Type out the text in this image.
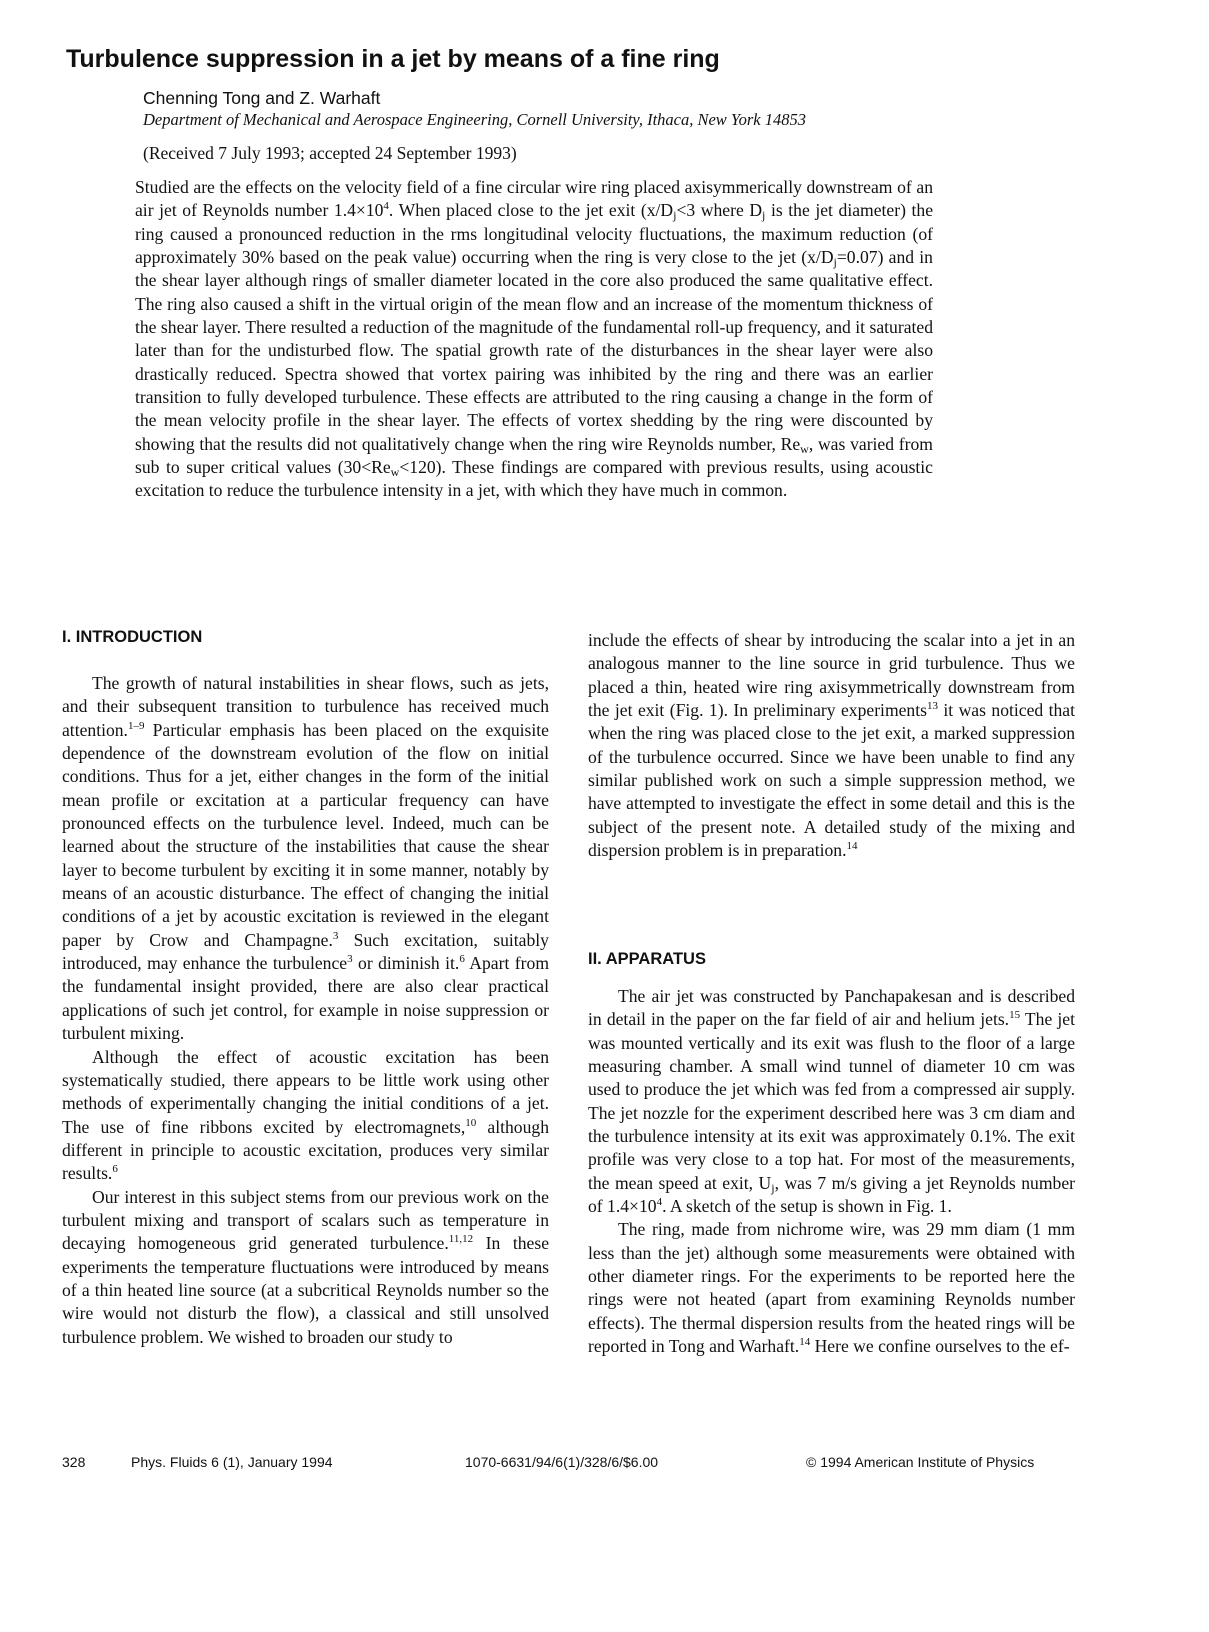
Turbulence suppression in a jet by means of a fine ring
Chenning Tong and Z. Warhaft
Department of Mechanical and Aerospace Engineering, Cornell University, Ithaca, New York 14853
(Received 7 July 1993; accepted 24 September 1993)

Studied are the effects on the velocity field of a fine circular wire ring placed axisymmerically downstream of an air jet of Reynolds number $1.4\times 10^4$. When placed close to the jet exit ($x/D_j<3$ where $D_j$ is the jet diameter) the ring caused a pronounced reduction in the rms longitudinal velocity fluctuations, the maximum reduction (of approximately 30% based on the peak value) occurring when the ring is very close to the jet $(x/D_j=0.07)$ and in the shear layer although rings of smaller diameter located in the core also produced the same qualitative effect. The ring also caused a shift in the virtual origin of the mean flow and an increase of the momentum thickness of the shear layer. There resulted a reduction of the magnitude of the fundamental roll-up frequency, and it saturated later than for the undisturbed flow. The spatial growth rate of the disturbances in the shear layer were also drastically reduced. Spectra showed that vortex pairing was inhibited by the ring and there was an earlier transition to fully developed turbulence. These effects are attributed to the ring causing a change in the form of the mean velocity profile in the shear layer. The effects of vortex shedding by the ring were discounted by showing that the results did not qualitatively change when the ring wire Reynolds number, $Re_w$, was varied from sub to super critical values $(30<Re_w<120)$. These findings are compared with previous results, using acoustic excitation to reduce the turbulence intensity in a jet, with which they have much in common.

I. INTRODUCTION

The growth of natural instabilities in shear flows, such as jets, and their subsequent transition to turbulence has received much attention.$^{1-9}$ Particular emphasis has been placed on the exquisite dependence of the downstream evolution of the flow on initial conditions. Thus for a jet, either changes in the form of the initial mean profile or excitation at a particular frequency can have pronounced effects on the turbulence level. Indeed, much can be learned about the structure of the instabilities that cause the shear layer to become turbulent by exciting it in some manner, notably by means of an acoustic disturbance. The effect of changing the initial conditions of a jet by acoustic excitation is reviewed in the elegant paper by Crow and Champagne.$^3$ Such excitation, suitably introduced, may enhance the turbulence$^3$ or diminish it.$^6$ Apart from the fundamental insight provided, there are also clear practical applications of such jet control, for example in noise suppression or turbulent mixing.

Although the effect of acoustic excitation has been systematically studied, there appears to be little work using other methods of experimentally changing the initial conditions of a jet. The use of fine ribbons excited by electromagnets,$^{10}$ although different in principle to acoustic excitation, produces very similar results.$^6$

Our interest in this subject stems from our previous work on the turbulent mixing and transport of scalars such as temperature in decaying homogeneous grid generated turbulence.$^{11,12}$ In these experiments the temperature fluctuations were introduced by means of a thin heated line source (at a subcritical Reynolds number so the wire would not disturb the flow), a classical and still unsolved turbulence problem. We wished to broaden our study to

include the effects of shear by introducing the scalar into a jet in an analogous manner to the line source in grid turbulence. Thus we placed a thin, heated wire ring axisymmetrically downstream from the jet exit (Fig. 1). In preliminary experiments$^{13}$ it was noticed that when the ring was placed close to the jet exit, a marked suppression of the turbulence occurred. Since we have been unable to find any similar published work on such a simple suppression method, we have attempted to investigate the effect in some detail and this is the subject of the present note. A detailed study of the mixing and dispersion problem is in preparation.$^{14}$

II. APPARATUS

The air jet was constructed by Panchapakesan and is described in detail in the paper on the far field of air and helium jets.$^{15}$ The jet was mounted vertically and its exit was flush to the floor of a large measuring chamber. A small wind tunnel of diameter 10 cm was used to produce the jet which was fed from a compressed air supply. The jet nozzle for the experiment described here was 3 cm diam and the turbulence intensity at its exit was approximately 0.1%. The exit profile was very close to a top hat. For most of the measurements, the mean speed at exit, $U_j$, was 7 m/s giving a jet Reynolds number of $1.4\times 10^4$. A sketch of the setup is shown in Fig. 1.

The ring, made from nichrome wire, was 29 mm diam (1 mm less than the jet) although some measurements were obtained with other diameter rings. For the experiments to be reported here the rings were not heated (apart from examining Reynolds number effects). The thermal dispersion results from the heated rings will be reported in Tong and Warhaft.$^{14}$ Here we confine ourselves to the ef-

328	Phys. Fluids 6 (1), January 1994	1070-6631/94/6(1)/328/6/$6.00	© 1994 American Institute of Physics
